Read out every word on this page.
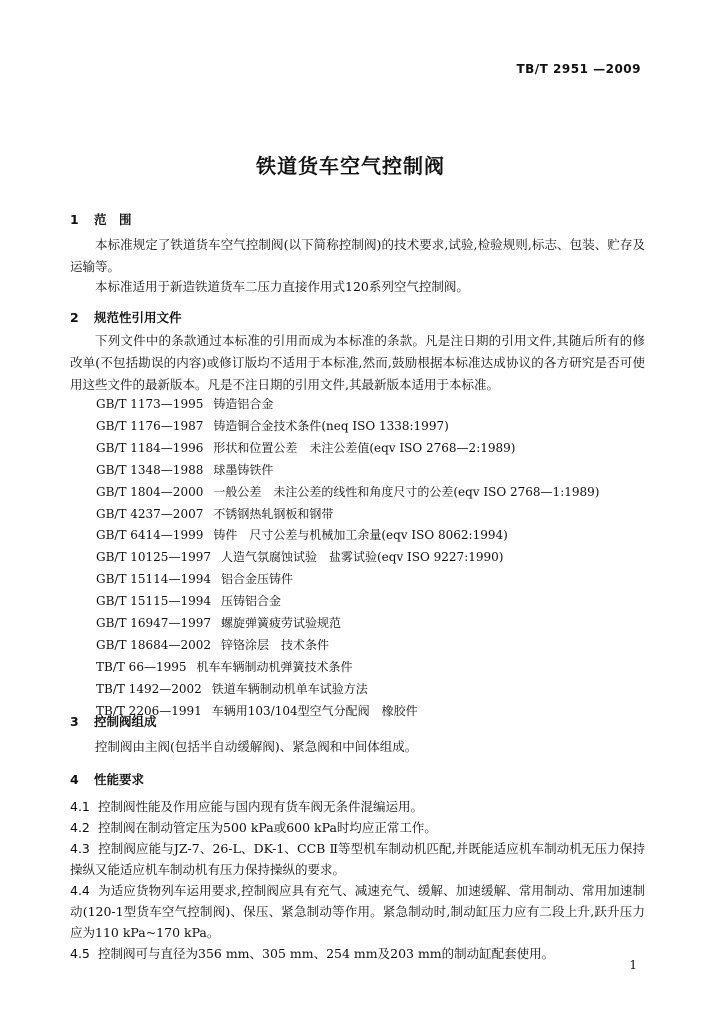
TB/T 2951 —2009
铁道货车空气控制阀
1 范　围
本标准规定了铁道货车空气控制阀(以下简称控制阀)的技术要求,试验,检验规则,标志、包装、贮存及运输等。
本标准适用于新造铁道货车二压力直接作用式120系列空气控制阀。
2 规范性引用文件
下列文件中的条款通过本标准的引用而成为本标准的条款。凡是注日期的引用文件,其随后所有的修改单(不包括勘误的内容)或修订版均不适用于本标准,然而,鼓励根据本标准达成协议的各方研究是否可使用这些文件的最新版本。凡是不注日期的引用文件,其最新版本适用于本标准。
GB/T 1173—1995 铸造铝合金
GB/T 1176—1987 铸造铜合金技术条件(neq ISO 1338:1997)
GB/T 1184—1996 形状和位置公差　未注公差值(eqv ISO 2768—2:1989)
GB/T 1348—1988 球墨铸铁件
GB/T 1804—2000 一般公差　未注公差的线性和角度尺寸的公差(eqv ISO 2768—1:1989)
GB/T 4237—2007 不锈钢热轧钢板和钢带
GB/T 6414—1999 铸件　尺寸公差与机械加工余量(eqv ISO 8062:1994)
GB/T 10125—1997 人造气氛腐蚀试验　盐雾试验(eqv ISO 9227:1990)
GB/T 15114—1994 铝合金压铸件
GB/T 15115—1994 压铸铝合金
GB/T 16947—1997 螺旋弹簧疲劳试验规范
GB/T 18684—2002 锌铬涂层　技术条件
TB/T 66—1995 机车车辆制动机弹簧技术条件
TB/T 1492—2002 铁道车辆制动机单车试验方法
TB/T 2206—1991 车辆用103/104型空气分配阀　橡胶件
3 控制阀组成
控制阀由主阀(包括半自动缓解阀)、紧急阀和中间体组成。
4 性能要求
4.1 控制阀性能及作用应能与国内现有货车阀无条件混编运用。
4.2 控制阀在制动管定压为500 kPa或600 kPa时均应正常工作。
4.3 控制阀应能与JZ-7、26-L、DK-1、CCB Ⅱ等型机车制动机匹配,并既能适应机车制动机无压力保持操纵又能适应机车制动机有压力保持操纵的要求。
4.4 为适应货物列车运用要求,控制阀应具有充气、减速充气、缓解、加速缓解、常用制动、常用加速制动(120-1型货车空气控制阀)、保压、紧急制动等作用。紧急制动时,制动缸压力应有二段上升,跃升压力应为110 kPa~170 kPa。
4.5 控制阀可与直径为356 mm、305 mm、254 mm及203 mm的制动缸配套使用。
1
